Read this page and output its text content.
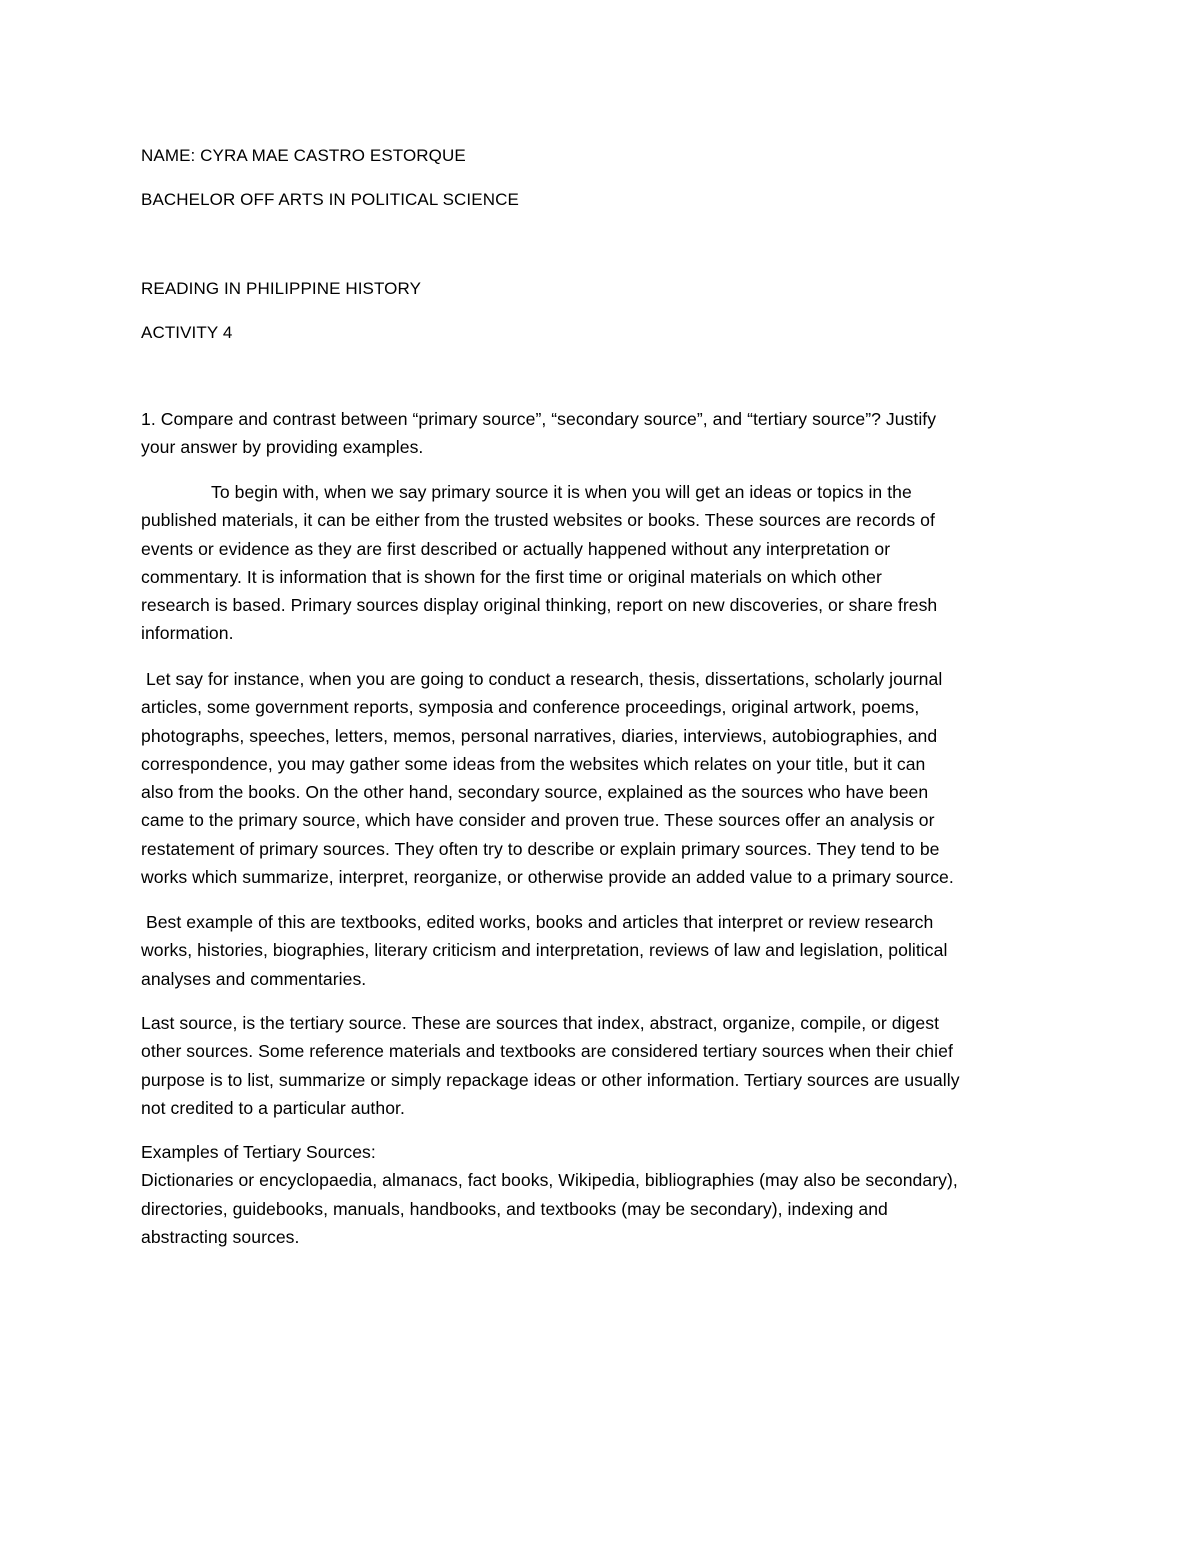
NAME: CYRA MAE CASTRO ESTORQUE

BACHELOR OFF ARTS IN POLITICAL SCIENCE

READING IN PHILIPPINE HISTORY

ACTIVITY 4

1. Compare and contrast between “primary source”, “secondary source”, and “tertiary source”? Justify
your answer by providing examples.

To begin with, when we say primary source it is when you will get an ideas or topics in the
published materials, it can be either from the trusted websites or books. These sources are records of
events or evidence as they are first described or actually happened without any interpretation or
commentary. It is information that is shown for the first time or original materials on which other
research is based. Primary sources display original thinking, report on new discoveries, or share fresh
information.

Let say for instance, when you are going to conduct a research, thesis, dissertations, scholarly journal
articles, some government reports, symposia and conference proceedings, original artwork, poems,
photographs, speeches, letters, memos, personal narratives, diaries, interviews, autobiographies, and
correspondence, you may gather some ideas from the websites which relates on your title, but it can
also from the books. On the other hand, secondary source, explained as the sources who have been
came to the primary source, which have consider and proven true. These sources offer an analysis or
restatement of primary sources. They often try to describe or explain primary sources. They tend to be
works which summarize, interpret, reorganize, or otherwise provide an added value to a primary source.

Best example of this are textbooks, edited works, books and articles that interpret or review research
works, histories, biographies, literary criticism and interpretation, reviews of law and legislation, political
analyses and commentaries.

Last source, is the tertiary source. These are sources that index, abstract, organize, compile, or digest
other sources. Some reference materials and textbooks are considered tertiary sources when their chief
purpose is to list, summarize or simply repackage ideas or other information. Tertiary sources are usually
not credited to a particular author.

Examples of Tertiary Sources:
Dictionaries or encyclopaedia, almanacs, fact books, Wikipedia, bibliographies (may also be secondary),
directories, guidebooks, manuals, handbooks, and textbooks (may be secondary), indexing and
abstracting sources.
